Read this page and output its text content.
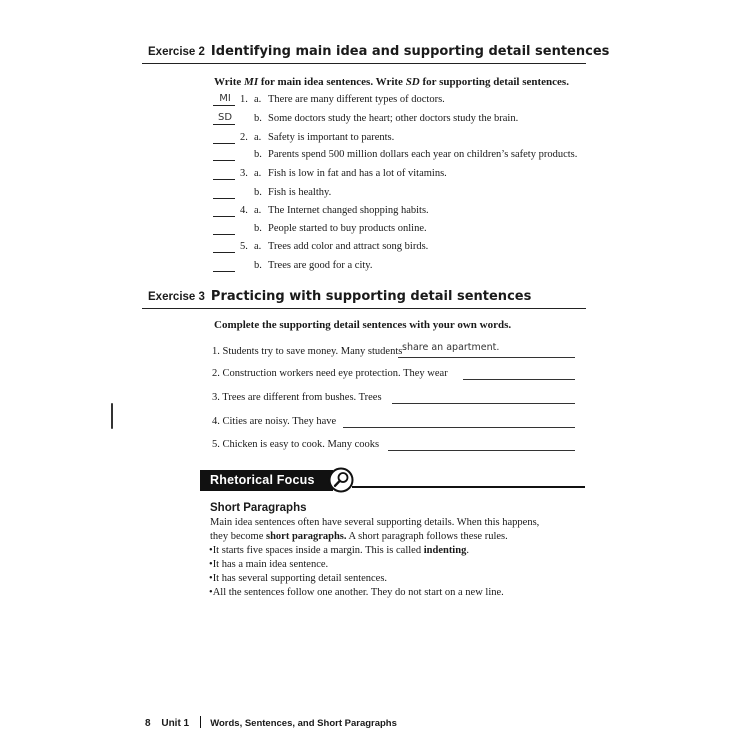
Exercise 2 Identifying main idea and supporting detail sentences
Write MI for main idea sentences. Write SD for supporting detail sentences.
MI 1. a. There are many different types of doctors.
SD	b. Some doctors study the heart; other doctors study the brain.
2. a. Safety is important to parents.
b. Parents spend 500 million dollars each year on children’s safety products.
3. a. Fish is low in fat and has a lot of vitamins.
b. Fish is healthy.
4. a. The Internet changed shopping habits.
b. People started to buy products online.
5. a. Trees add color and attract song birds.
b. Trees are good for a city.
Exercise 3 Practicing with supporting detail sentences
Complete the supporting detail sentences with your own words.
1. Students try to save money. Many students share an apartment.
2. Construction workers need eye protection. They wear
3. Trees are different from bushes. Trees
4. Cities are noisy. They have
5. Chicken is easy to cook. Many cooks
Rhetorical Focus
Short Paragraphs
Main idea sentences often have several supporting details. When this happens,
they become short paragraphs. A short paragraph follows these rules.
•It starts five spaces inside a margin. This is called indenting.
•It has a main idea sentence.
•It has several supporting detail sentences.
•All the sentences follow one another. They do not start on a new line.
8 Unit 1 Words, Sentences, and Short Paragraphs
